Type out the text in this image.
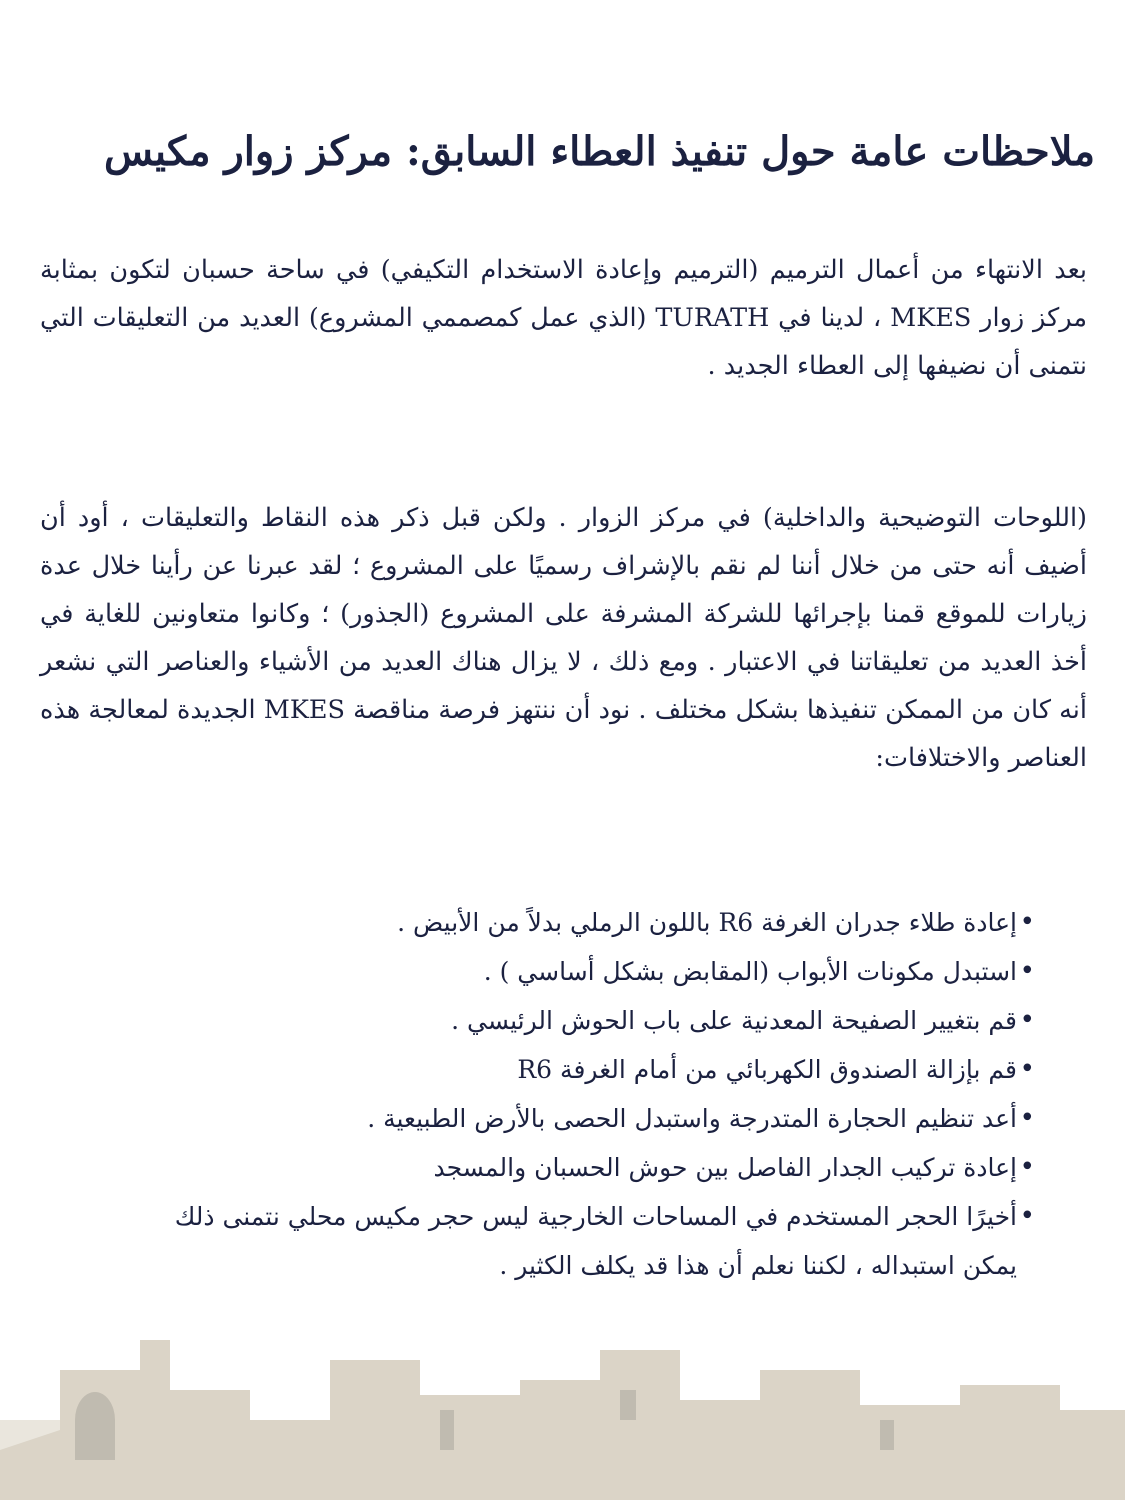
ملاحظات عامة حول تنفيذ العطاء السابق: مركز زوار مكيس

بعد الانتهاء من أعمال الترميم (الترميم وإعادة الاستخدام التكيفي) في ساحة حسبان لتكون بمثابة مركز زوار MKES ، لدينا في TURATH (الذي عمل كمصممي المشروع) العديد من التعليقات التي نتمنى أن نضيفها إلى العطاء الجديد .

(اللوحات التوضيحية والداخلية) في مركز الزوار . ولكن قبل ذكر هذه النقاط والتعليقات ، أود أن أضيف أنه حتى من خلال أننا لم نقم بالإشراف رسميًا على المشروع ؛ لقد عبرنا عن رأينا خلال عدة زيارات للموقع قمنا بإجرائها للشركة المشرفة على المشروع (الجذور) ؛ وكانوا متعاونين للغاية في أخذ العديد من تعليقاتنا في الاعتبار . ومع ذلك ، لا يزال هناك العديد من الأشياء والعناصر التي نشعر أنه كان من الممكن تنفيذها بشكل مختلف . نود أن ننتهز فرصة مناقصة MKES الجديدة لمعالجة هذه العناصر والاختلافات:

• إعادة طلاء جدران الغرفة R6 باللون الرملي بدلاً من الأبيض .
• استبدل مكونات الأبواب (المقابض بشكل أساسي ) .
• قم بتغيير الصفيحة المعدنية على باب الحوش الرئيسي .
• قم بإزالة الصندوق الكهربائي من أمام الغرفة R6
• أعد تنظيم الحجارة المتدرجة واستبدل الحصى بالأرض الطبيعية .
• إعادة تركيب الجدار الفاصل بين حوش الحسبان والمسجد
• أخيرًا الحجر المستخدم في المساحات الخارجية ليس حجر مكيس محلي نتمنى ذلك
يمكن استبداله ، لكننا نعلم أن هذا قد يكلف الكثير .
